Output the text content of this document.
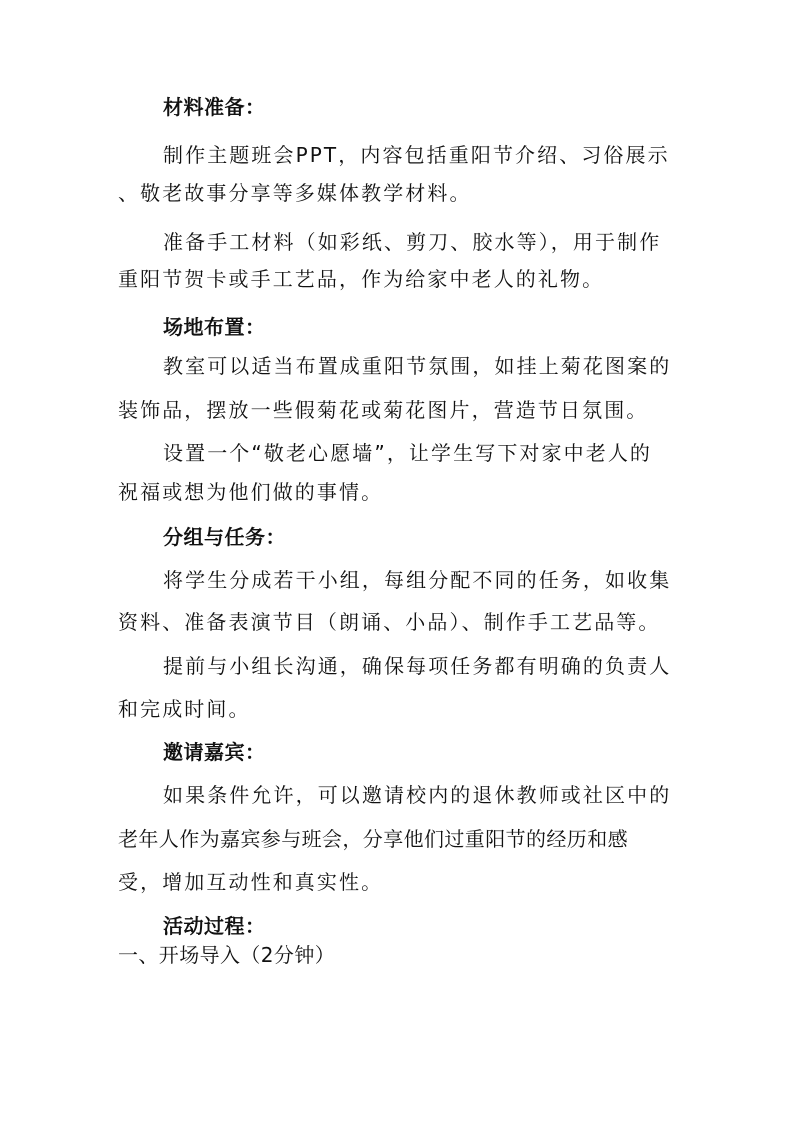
材料准备：
制作主题班会PPT，内容包括重阳节介绍、习俗展示
、敬老故事分享等多媒体教学材料。
准备手工材料（如彩纸、剪刀、胶水等），用于制作
重阳节贺卡或手工艺品，作为给家中老人的礼物。
场地布置：
教室可以适当布置成重阳节氛围，如挂上菊花图案的
装饰品，摆放一些假菊花或菊花图片，营造节日氛围。
设置一个“敬老心愿墙”，让学生写下对家中老人的
祝福或想为他们做的事情。
分组与任务：
将学生分成若干小组，每组分配不同的任务，如收集
资料、准备表演节目（朗诵、小品）、制作手工艺品等。
提前与小组长沟通，确保每项任务都有明确的负责人
和完成时间。
邀请嘉宾：
如果条件允许，可以邀请校内的退休教师或社区中的
老年人作为嘉宾参与班会，分享他们过重阳节的经历和感
受，增加互动性和真实性。
活动过程：
一、开场导入（2分钟）
